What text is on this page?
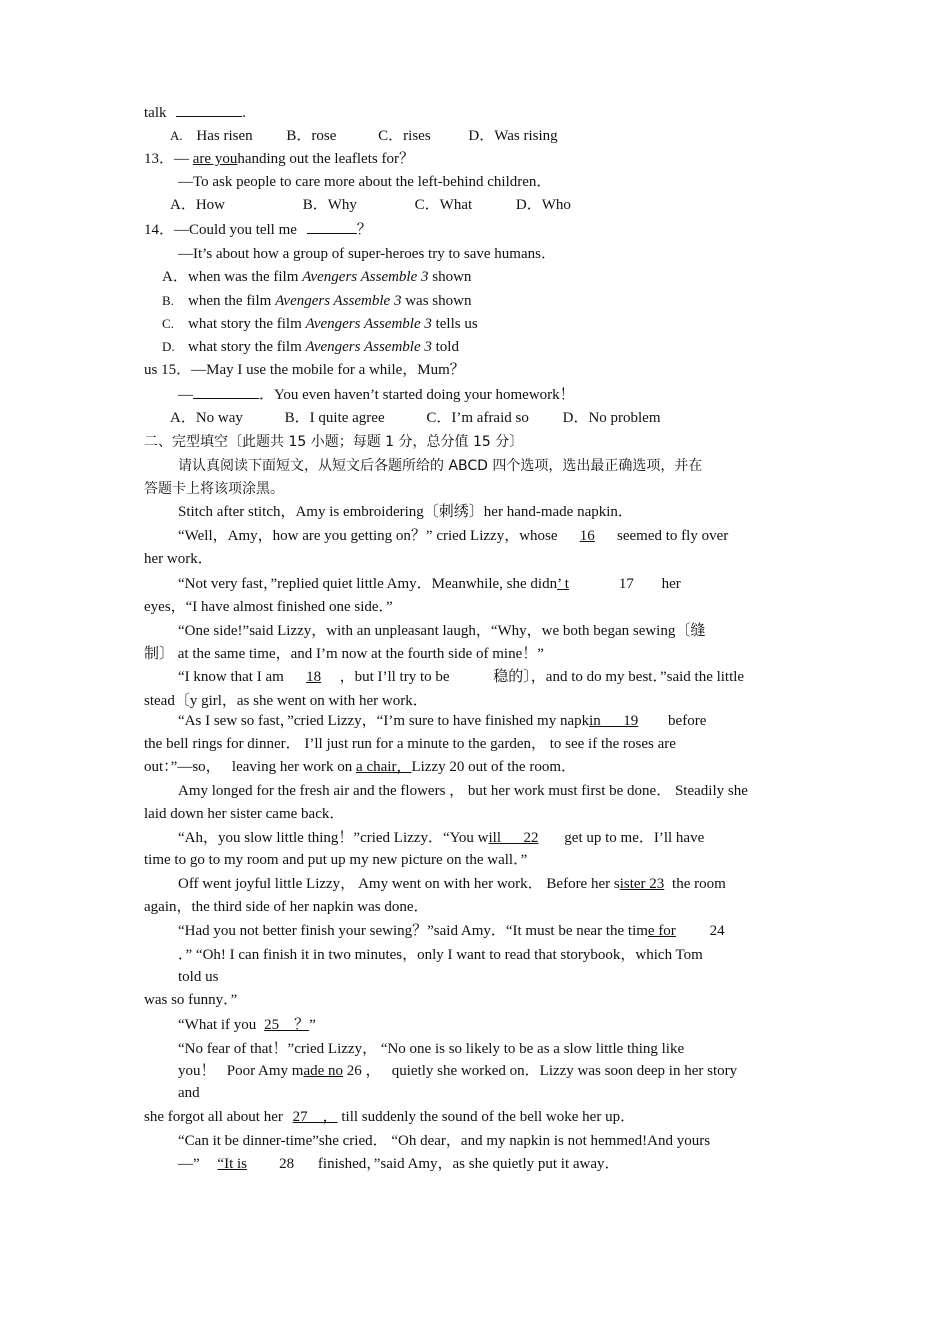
talk	.
A. Has risen B．rose	C．rises	D．Was rising
13．— are youhanding out the leaflets for？
—To ask people to care more about the left-behind children．
A．How	B．Why	C．What	D．Who
14．—Could you tell me	？
—It’s about how a group of super-heroes try to save humans．
A．when was the film Avengers Assemble 3 shown
B. when the film Avengers Assemble 3 was shown
C. what story the film Avengers Assemble 3 tells us
D. what story the film Avengers Assemble 3 told
us 15．—May I use the mobile for a while，Mum？
—	．You even haven’t started doing your homework！
A．No way	B．I quite agree	C．I’m afraid so D．No problem
二、完型填空〔此题共 15 小题；每题 1 分，总分值 15 分〕
请认真阅读下面短文，从短文后各题所给的 ABCD 四个选项，选出最正确选项，并在
答题卡上将该项涂黑。
Stitch after stitch，Amy is embroidering〔刺绣〕her hand-made napkin．
“Well，Amy，how are you getting on？” cried Lizzy，whose 16 seemed to fly over
her work．
“Not very fast，”replied quiet little Amy．Meanwhile, she didn’ t	17 her
eyes，“I have almost finished one side．”
“One side!”said Lizzy，with an unpleasant laugh，“Why，we both began sewing〔缝
制〕 at the same time，and I’m now at the fourth side of mine！”
“I know that I am 18 ，but I’ll try to be	稳的〕，and to do my best．”said the little
stead〔y girl，as she went on with her work．
“As I sew so fast，”cried Lizzy，“I’m sure to have finished my napkin      19 before
the bell rings for dinner． I’ll just run for a minute to the garden， to see if the roses are
out：”—so，   leaving her work on a chair，Lizzy 20 out of the room．
Amy longed for the fresh air and the flowers ， but her work must first be done． Steadily she
laid down her sister came back．
“Ah，you slow little thing！”cried Lizzy．“You will      22 get up to me．I’ll have
time to go to my room and put up my new picture on the wall．”
Off went joyful little Lizzy， Amy went on with her work． Before her sister 23 the room
again，the third side of her napkin was done．
“Had you not better finish your sewing？”said Amy．“It must be near the time for 24
．” “Oh! I can finish it in two minutes，only I want to read that storybook，which Tom
told us
was so funny．”
“What if you 25    ？”
“No fear of that！”cried Lizzy， “No one is so likely to be as a slow little thing like
you！   Poor Amy made no 26 ，   quietly she worked on．Lizzy was soon deep in her story
and
she forgot all about her 27    ， till suddenly the sound of the bell woke her up．
“Can it be dinner-time”she cried． “Oh dear，and my napkin is not hemmed!And yours
—” “It is 28 finished，”said Amy，as she quietly put it away．
